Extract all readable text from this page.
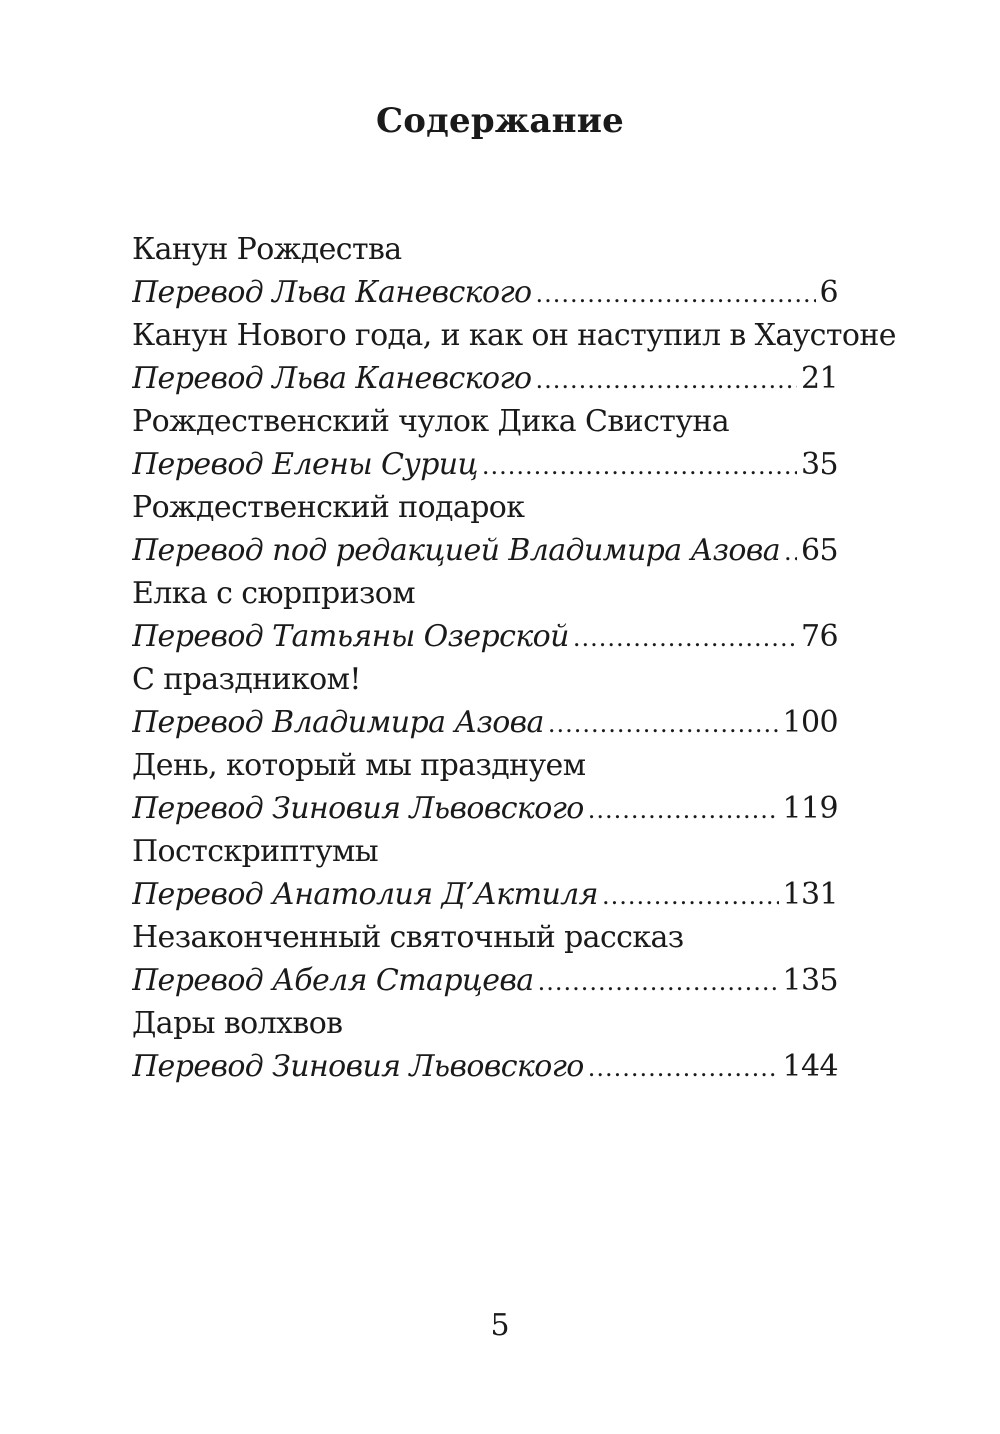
Содержание
Канун Рождества
Перевод Льва Каневского .....	6
Канун Нового года, и как он наступил в Хаустоне
Перевод Льва Каневского .....	21
Рождественский чулок Дика Свистуна
Перевод Елены Суриц .....	35
Рождественский подарок
Перевод под редакцией Владимира Азова ..... 65
Елка с сюрпризом
Перевод Татьяны Озерской .....	76
С праздником!
Перевод Владимира Азова .....	100
День, который мы празднуем
Перевод Зиновия Львовского .....	119
Постскриптумы
Перевод Анатолия Д’Актиля .....	131
Незаконченный святочный рассказ
Перевод Абеля Старцева .....	135
Дары волхвов
Перевод Зиновия Львовского .....	144
5
